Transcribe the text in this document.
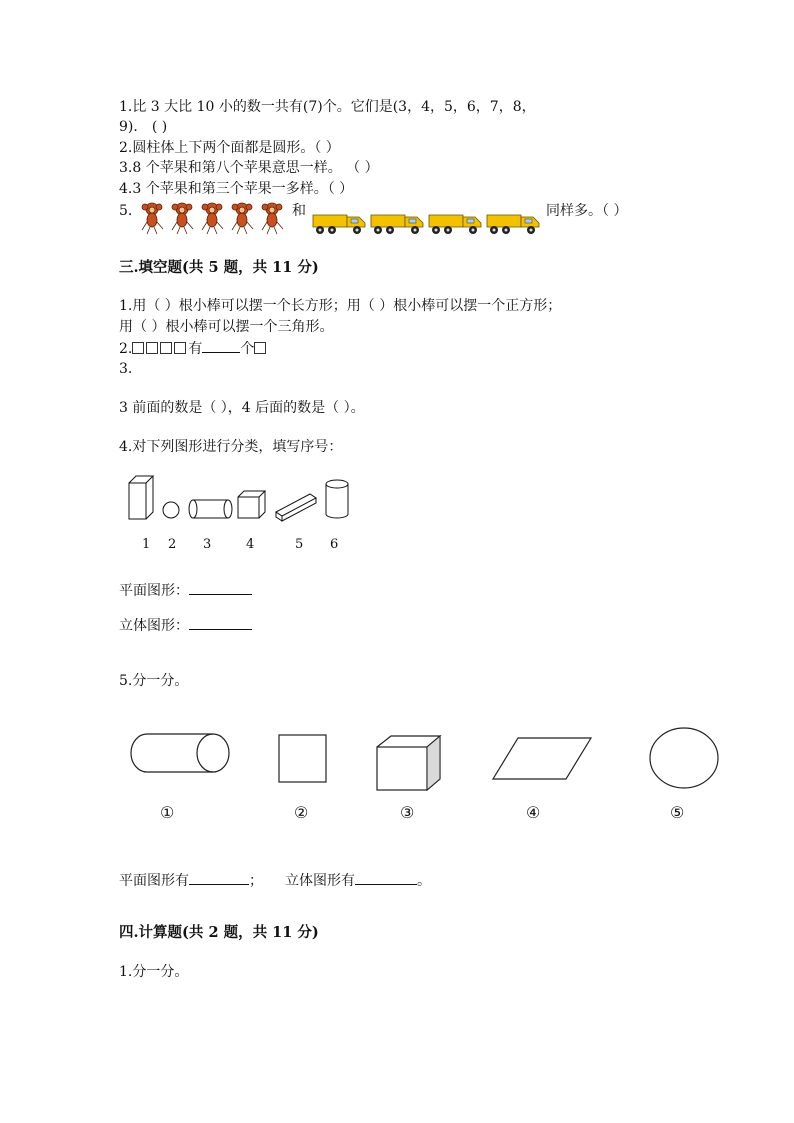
1.比 3 大比 10 小的数一共有(7)个。它们是(3，4，5，6，7，8，
9)． ( )
2.圆柱体上下两个面都是圆形。（ ）
3.8 个苹果和第八个苹果意思一样。 （ ）
4.3 个苹果和第三个苹果一多样。（ ）
5.	和	同样多。（ ）
三.填空题(共 5 题，共 11 分)
1.用（ ）根小棒可以摆一个长方形；用（ ）根小棒可以摆一个正方形；
用（ ）根小棒可以摆一个三角形。
2.	有	个
3.
3 前面的数是（ ），4 后面的数是（ ）。
4.对下列图形进行分类，填写序号：
1 2 3	4	5 6
平面图形：
立体图形：
5.分一分。
①	②	③	④	⑤
平面图形有	； 立体图形有	。
四.计算题(共 2 题，共 11 分)
1.分一分。
